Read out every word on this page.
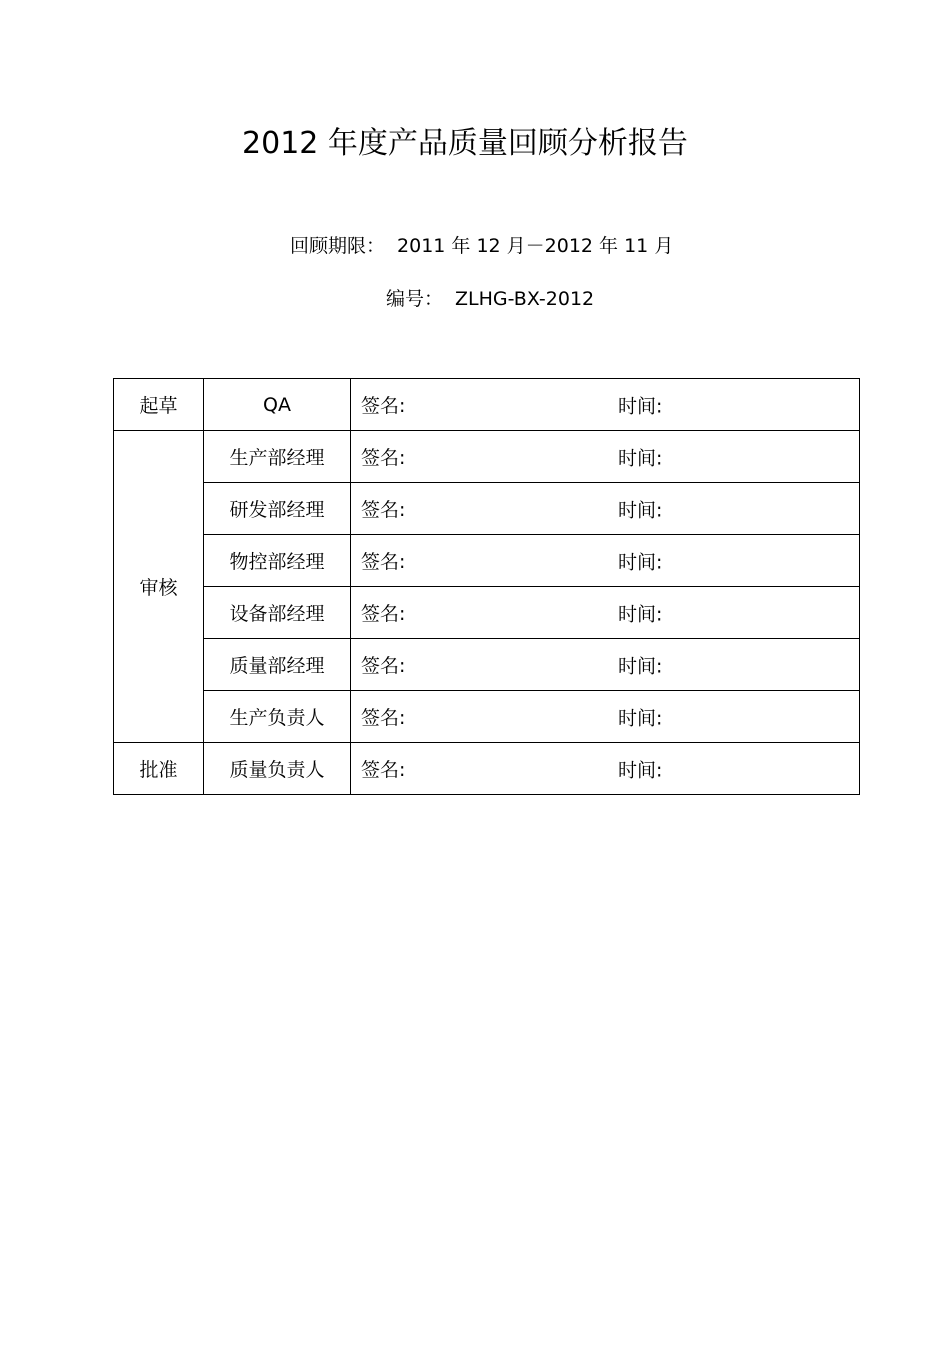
2012 年度产品质量回顾分析报告
回顾期限： 2011 年 12 月－2012 年 11 月
编号： ZLHG-BX-2012
起草	QA	签名: 时间:

审核	生产部经理	签名: 时间:

	研发部经理	签名: 时间:

	物控部经理	签名: 时间:

	设备部经理	签名: 时间:

	质量部经理	签名: 时间:

	生产负责人	签名: 时间:

批准	质量负责人	签名: 时间:
